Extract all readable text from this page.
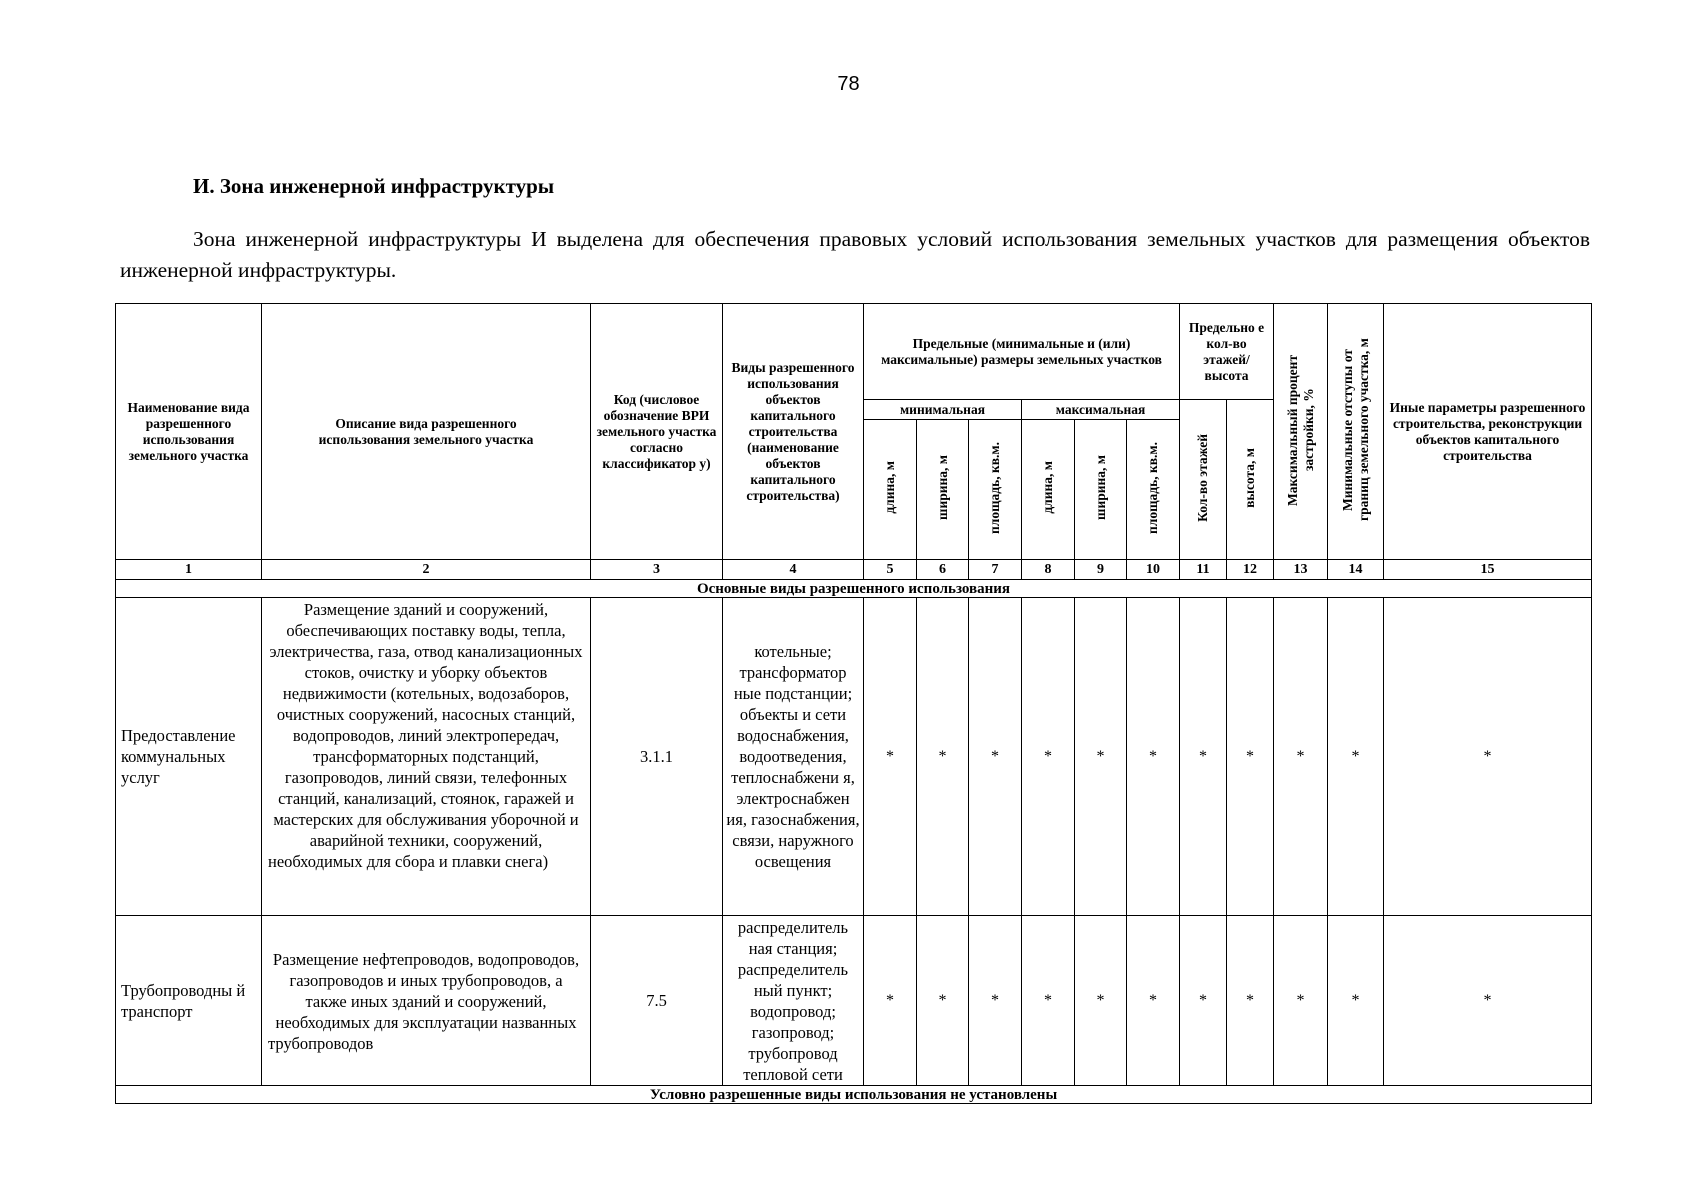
78
И. Зона инженерной инфраструктуры
Зона инженерной инфраструктуры И выделена для обеспечения правовых условий использования земельных участков для размещения объектов инженерной инфраструктуры.
Наименование вида разрешенного использования земельного участка	Описание вида разрешенного использования земельного участка	Код (числовое обозначение ВРИ земельного участка согласно классификатор у)	Виды разрешенного использования объектов капитального строительства (наименование объектов капитального строительства)	Предельные (минимальные и (или) максимальные) размеры земельных участков						Предельно е кол-во этажей/ высота		Максимальный процент застройки, %	Минимальные отступы от границ земельного участка, м	Иные параметры разрешенного строительства, реконструкции объектов капитального строительства
				минимальная			максимальная			Кол-во этажей	высота, м			
				длина, м	ширина, м	площадь, кв.м.	длина, м	ширина, м	площадь, кв.м.					
1	2	3	4	5	6	7	8	9	10	11	12	13	14	15
Основные виды разрешенного использования														
Предоставление коммунальных услуг	Размещение зданий и сооружений, обеспечивающих поставку воды, тепла, электричества, газа, отвод канализационных стоков, очистку и уборку объектов недвижимости (котельных, водозаборов, очистных сооружений, насосных станций, водопроводов, линий электропередач, трансформаторных подстанций, газопроводов, линий связи, телефонных станций, канализаций, стоянок, гаражей и мастерских для обслуживания уборочной и аварийной техники, сооружений, необходимых для сбора и плавки снега)	3.1.1	котельные; трансформатор ные подстанции; объекты и сети водоснабжения, водоотведения, теплоснабжени я, электроснабжен ия, газоснабжения, связи, наружного освещения	*	*	*	*	*	*	*	*	*	*	*
Трубопроводны й транспорт	Размещение нефтепроводов, водопроводов, газопроводов и иных трубопроводов, а также иных зданий и сооружений, необходимых для эксплуатации названных трубопроводов	7.5	распределитель ная станция; распределитель ный пункт; водопровод; газопровод; трубопровод тепловой сети	*	*	*	*	*	*	*	*	*	*	*
Условно разрешенные виды использования не установлены														
